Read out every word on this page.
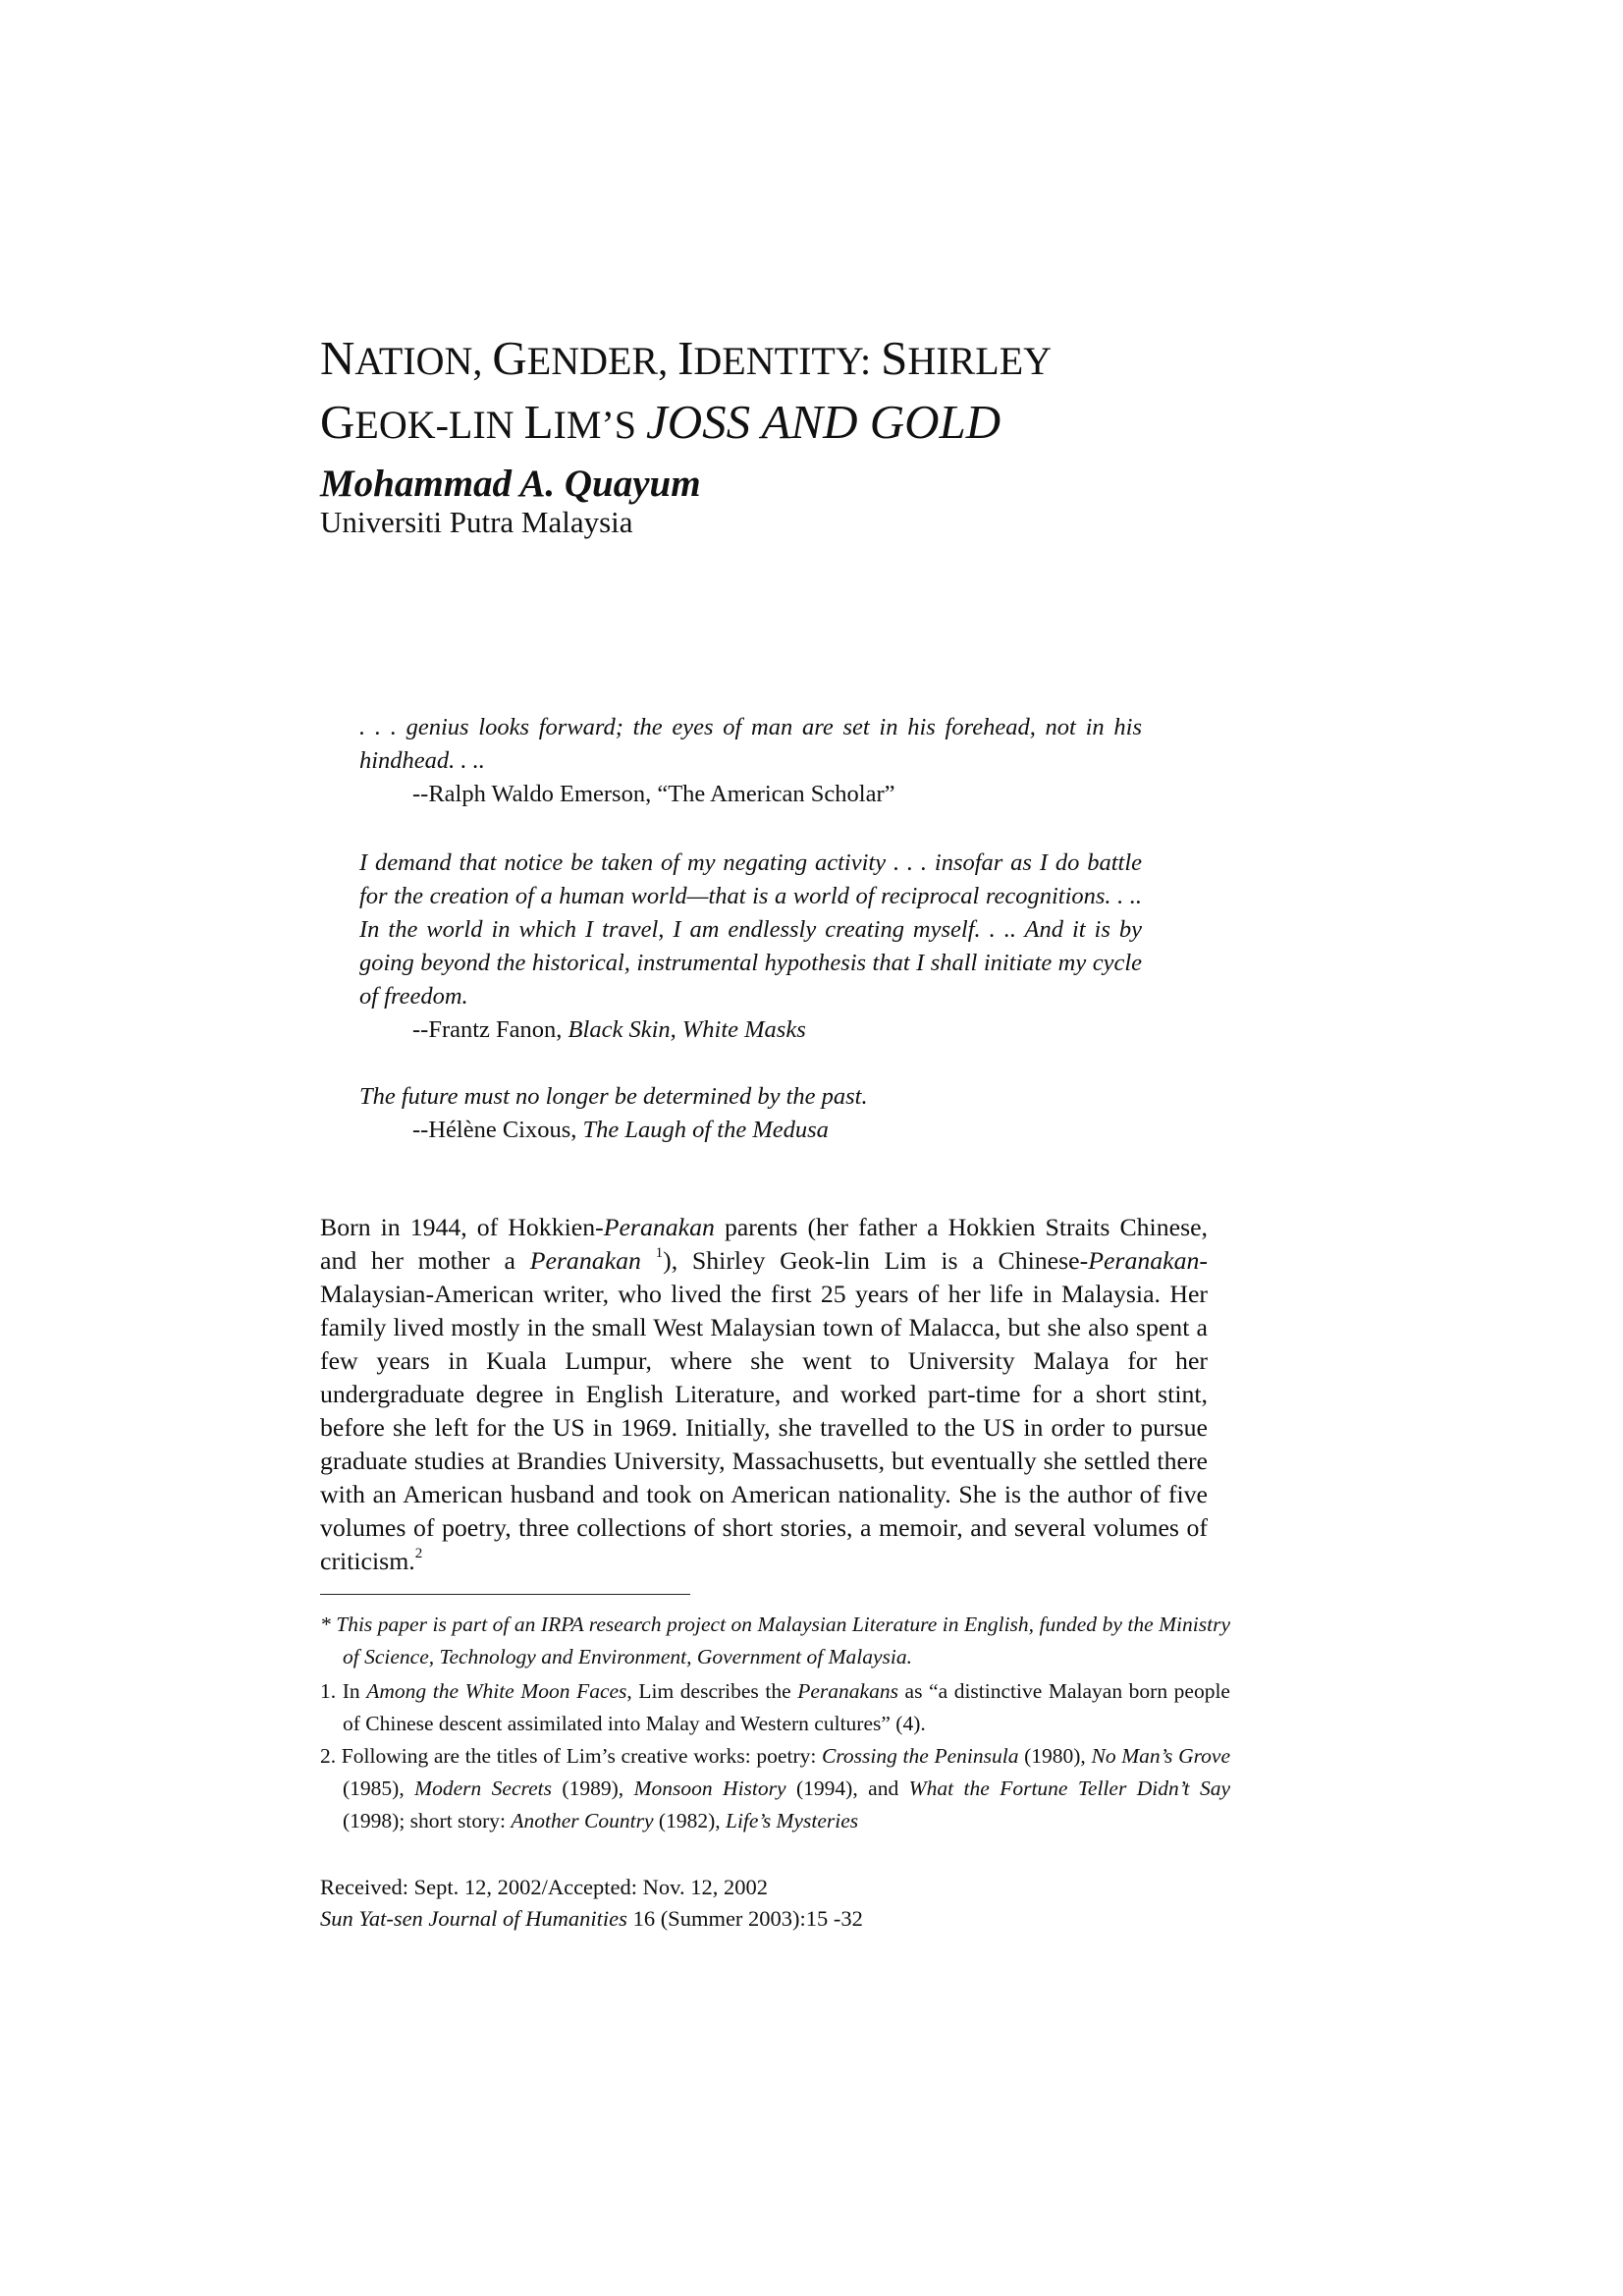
NATION, GENDER, IDENTITY: SHIRLEY
GEOK-LIN LIM’S JOSS AND GOLD

Mohammad A. Quayum

Universiti Putra Malaysia

. . . genius looks forward; the eyes of man are set in his forehead, not in his hindhead. . ..

--Ralph Waldo Emerson, “The American Scholar”

I demand that notice be taken of my negating activity . . . insofar as I do battle for the creation of a human world—that is a world of reciprocal recognitions. . .. In the world in which I travel, I am endlessly creating myself. . .. And it is by going beyond the historical, instrumental hypothesis that I shall initiate my cycle of freedom.

--Frantz Fanon, Black Skin, White Masks

The future must no longer be determined by the past.

--Hélène Cixous, The Laugh of the Medusa

Born in 1944, of Hokkien-Peranakan parents (her father a Hokkien Straits Chinese, and her mother a Peranakan $^1$), Shirley Geok-lin Lim is a Chinese-Peranakan-Malaysian-American writer, who lived the first 25 years of her life in Malaysia. Her family lived mostly in the small West Malaysian town of Malacca, but she also spent a few years in Kuala Lumpur, where she went to University Malaya for her undergraduate degree in English Literature, and worked part-time for a short stint, before she left for the US in 1969. Initially, she travelled to the US in order to pursue graduate studies at Brandies University, Massachusetts, but eventually she settled there with an American husband and took on American nationality. She is the author of five volumes of poetry, three collections of short stories, a memoir, and several volumes of criticism.$^2$

* This paper is part of an IRPA research project on Malaysian Literature in English, funded by the Ministry of Science, Technology and Environment, Government of Malaysia.

1. In Among the White Moon Faces, Lim describes the Peranakans as “a distinctive Malayan born people of Chinese descent assimilated into Malay and Western cultures” (4).

2. Following are the titles of Lim’s creative works: poetry: Crossing the Peninsula (1980), No Man’s Grove (1985), Modern Secrets (1989), Monsoon History (1994), and What the Fortune Teller Didn’t Say (1998); short story: Another Country (1982), Life’s Mysteries

Received: Sept. 12, 2002/Accepted: Nov. 12, 2002

Sun Yat-sen Journal of Humanities 16 (Summer 2003):15 -32
